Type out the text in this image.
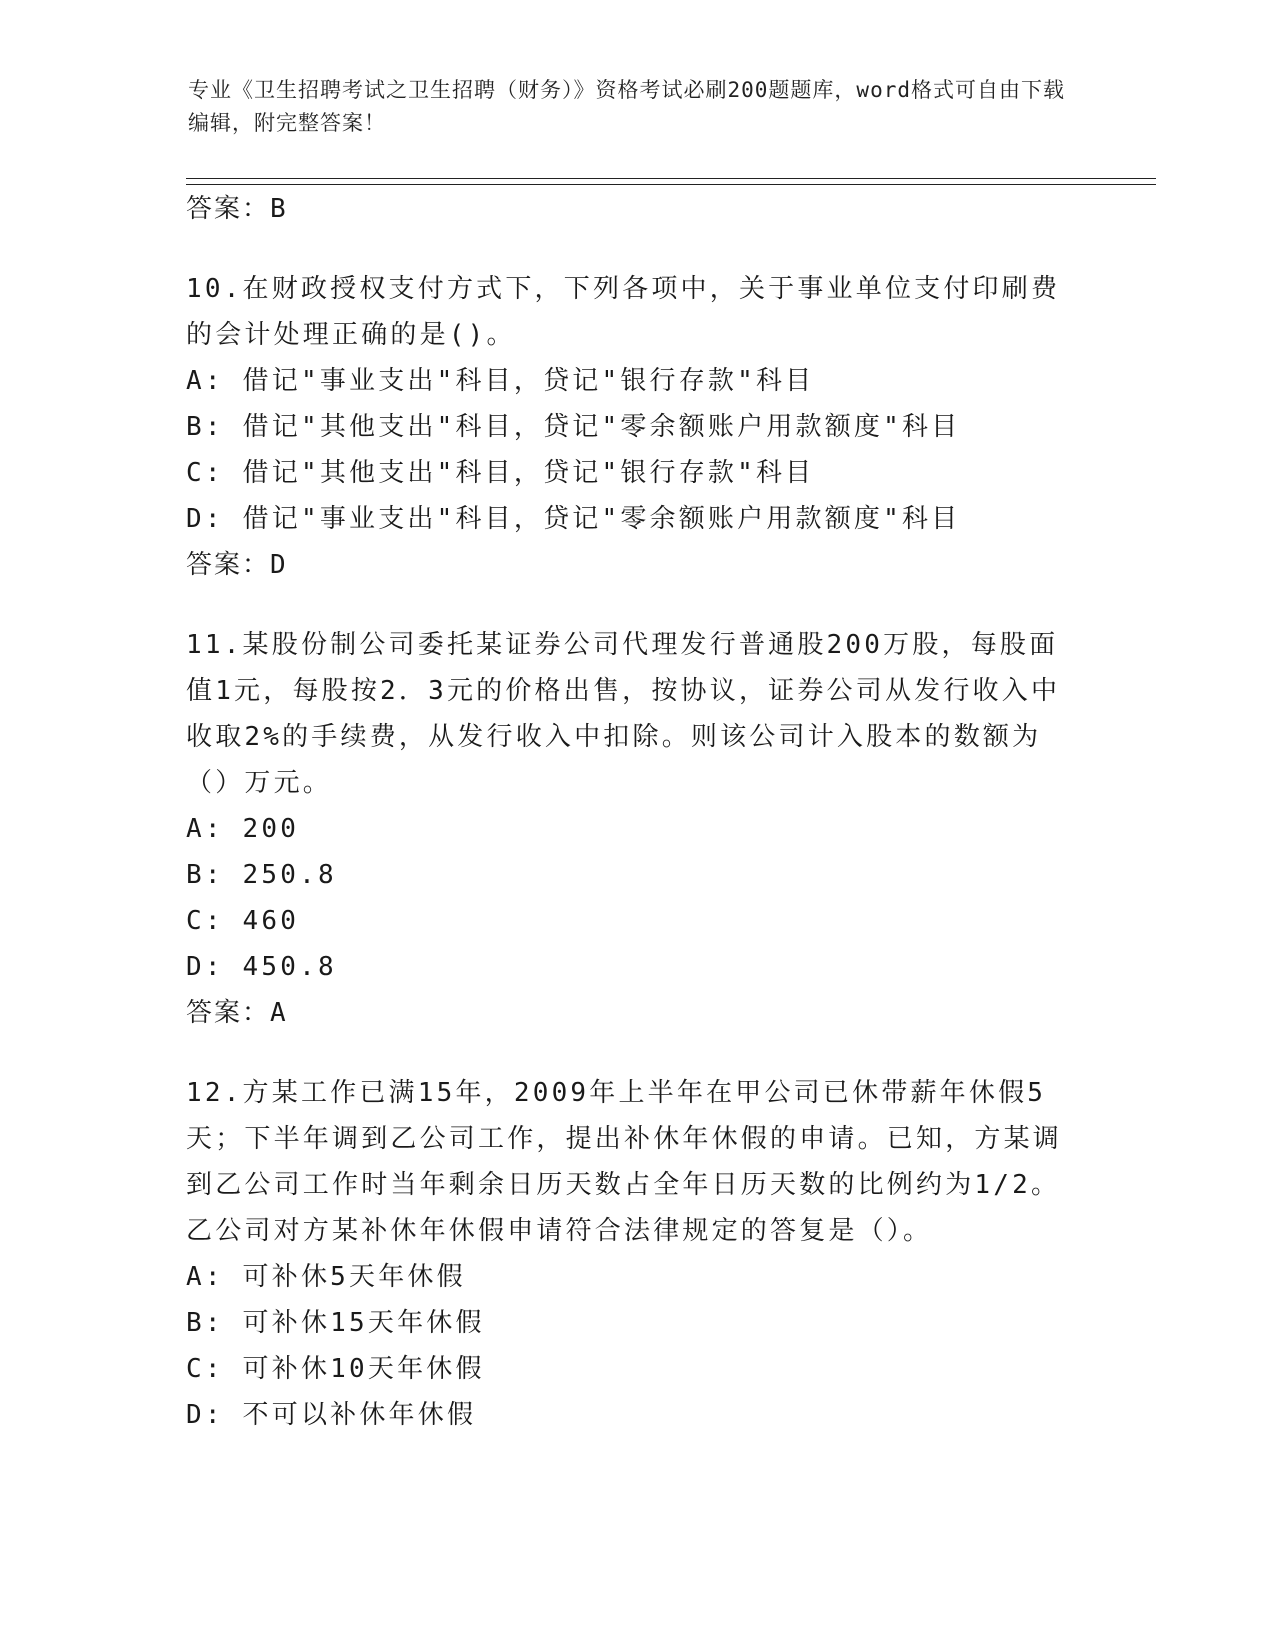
专业《卫生招聘考试之卫生招聘（财务）》资格考试必刷200题题库，word格式可自由下载编辑，附完整答案！

答案：B

10.在财政授权支付方式下，下列各项中，关于事业单位支付印刷费的会计处理正确的是()。

A: 借记"事业支出"科目，贷记"银行存款"科目

B: 借记"其他支出"科目，贷记"零余额账户用款额度"科目

C: 借记"其他支出"科目，贷记"银行存款"科目

D: 借记"事业支出"科目，贷记"零余额账户用款额度"科目

答案：D

11.某股份制公司委托某证券公司代理发行普通股200万股，每股面值1元，每股按2．3元的价格出售，按协议，证券公司从发行收入中收取2%的手续费，从发行收入中扣除。则该公司计入股本的数额为（）万元。

A: 200

B: 250.8

C: 460

D: 450.8

答案：A

12.方某工作已满15年，2009年上半年在甲公司已休带薪年休假5天；下半年调到乙公司工作，提出补休年休假的申请。已知，方某调到乙公司工作时当年剩余日历天数占全年日历天数的比例约为1/2。乙公司对方某补休年休假申请符合法律规定的答复是（）。

A: 可补休5天年休假

B: 可补休15天年休假

C: 可补休10天年休假

D: 不可以补休年休假
